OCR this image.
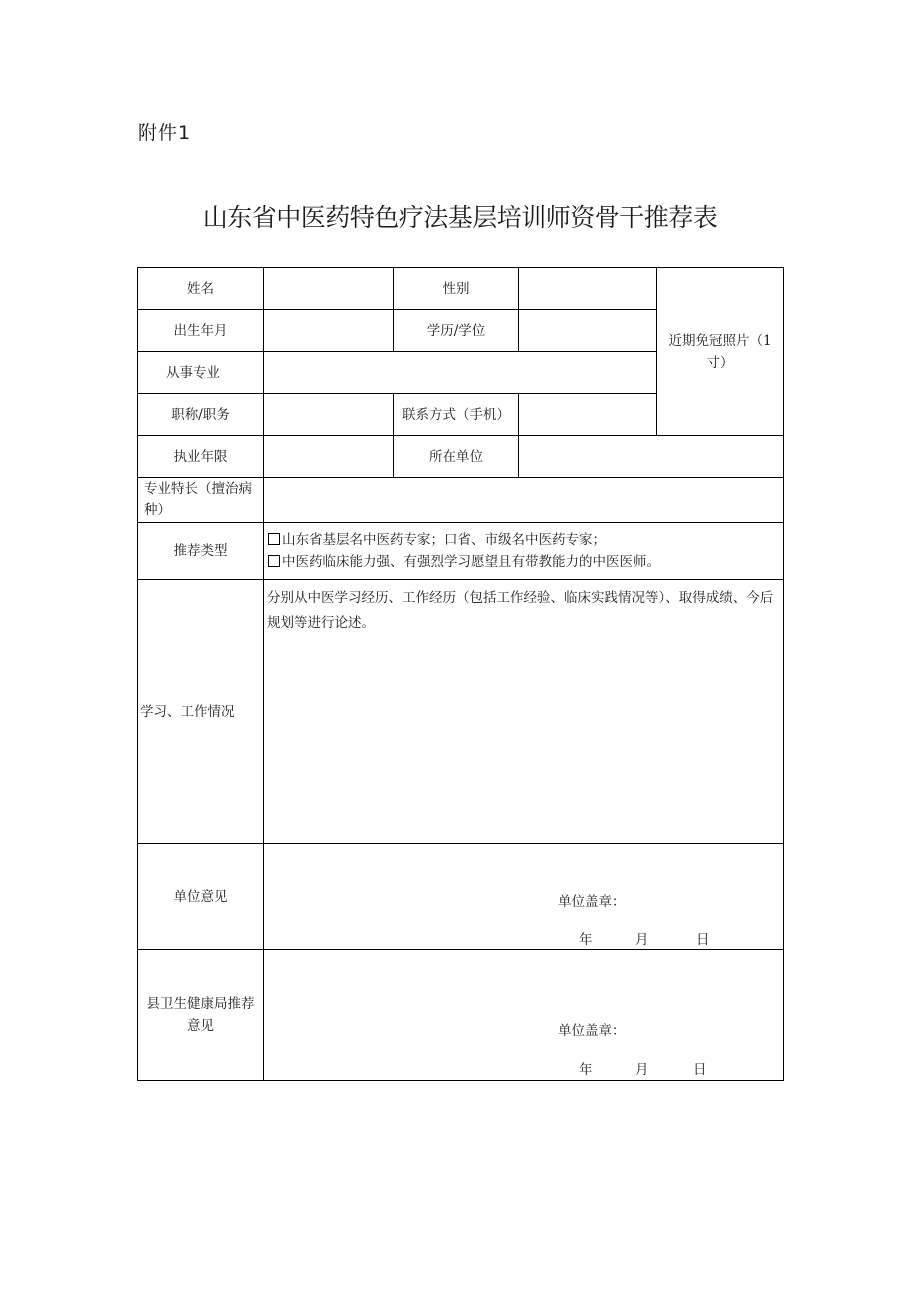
附件1
山东省中医药特色疗法基层培训师资骨干推荐表
姓名		性别		近期免冠照片（1寸）
出生年月		学历/学位		
从事专业				
职称/职务		联系方式（手机）		
执业年限		所在单位		
专业特长（擅治病种）				
推荐类型	山东省基层名中医药专家；口省、市级名中医药专家；
中医药临床能力强、有强烈学习愿望且有带教能力的中医医师。			

学习、工作情况	分别从中医学习经历、工作经历（包括工作经验、临床实践情况等）、取得成绩、今后规划等进行论述。			
单位意见	单位盖章：
年 月 日			

县卫生健康局推荐意见	单位盖章：
年 月 日			
